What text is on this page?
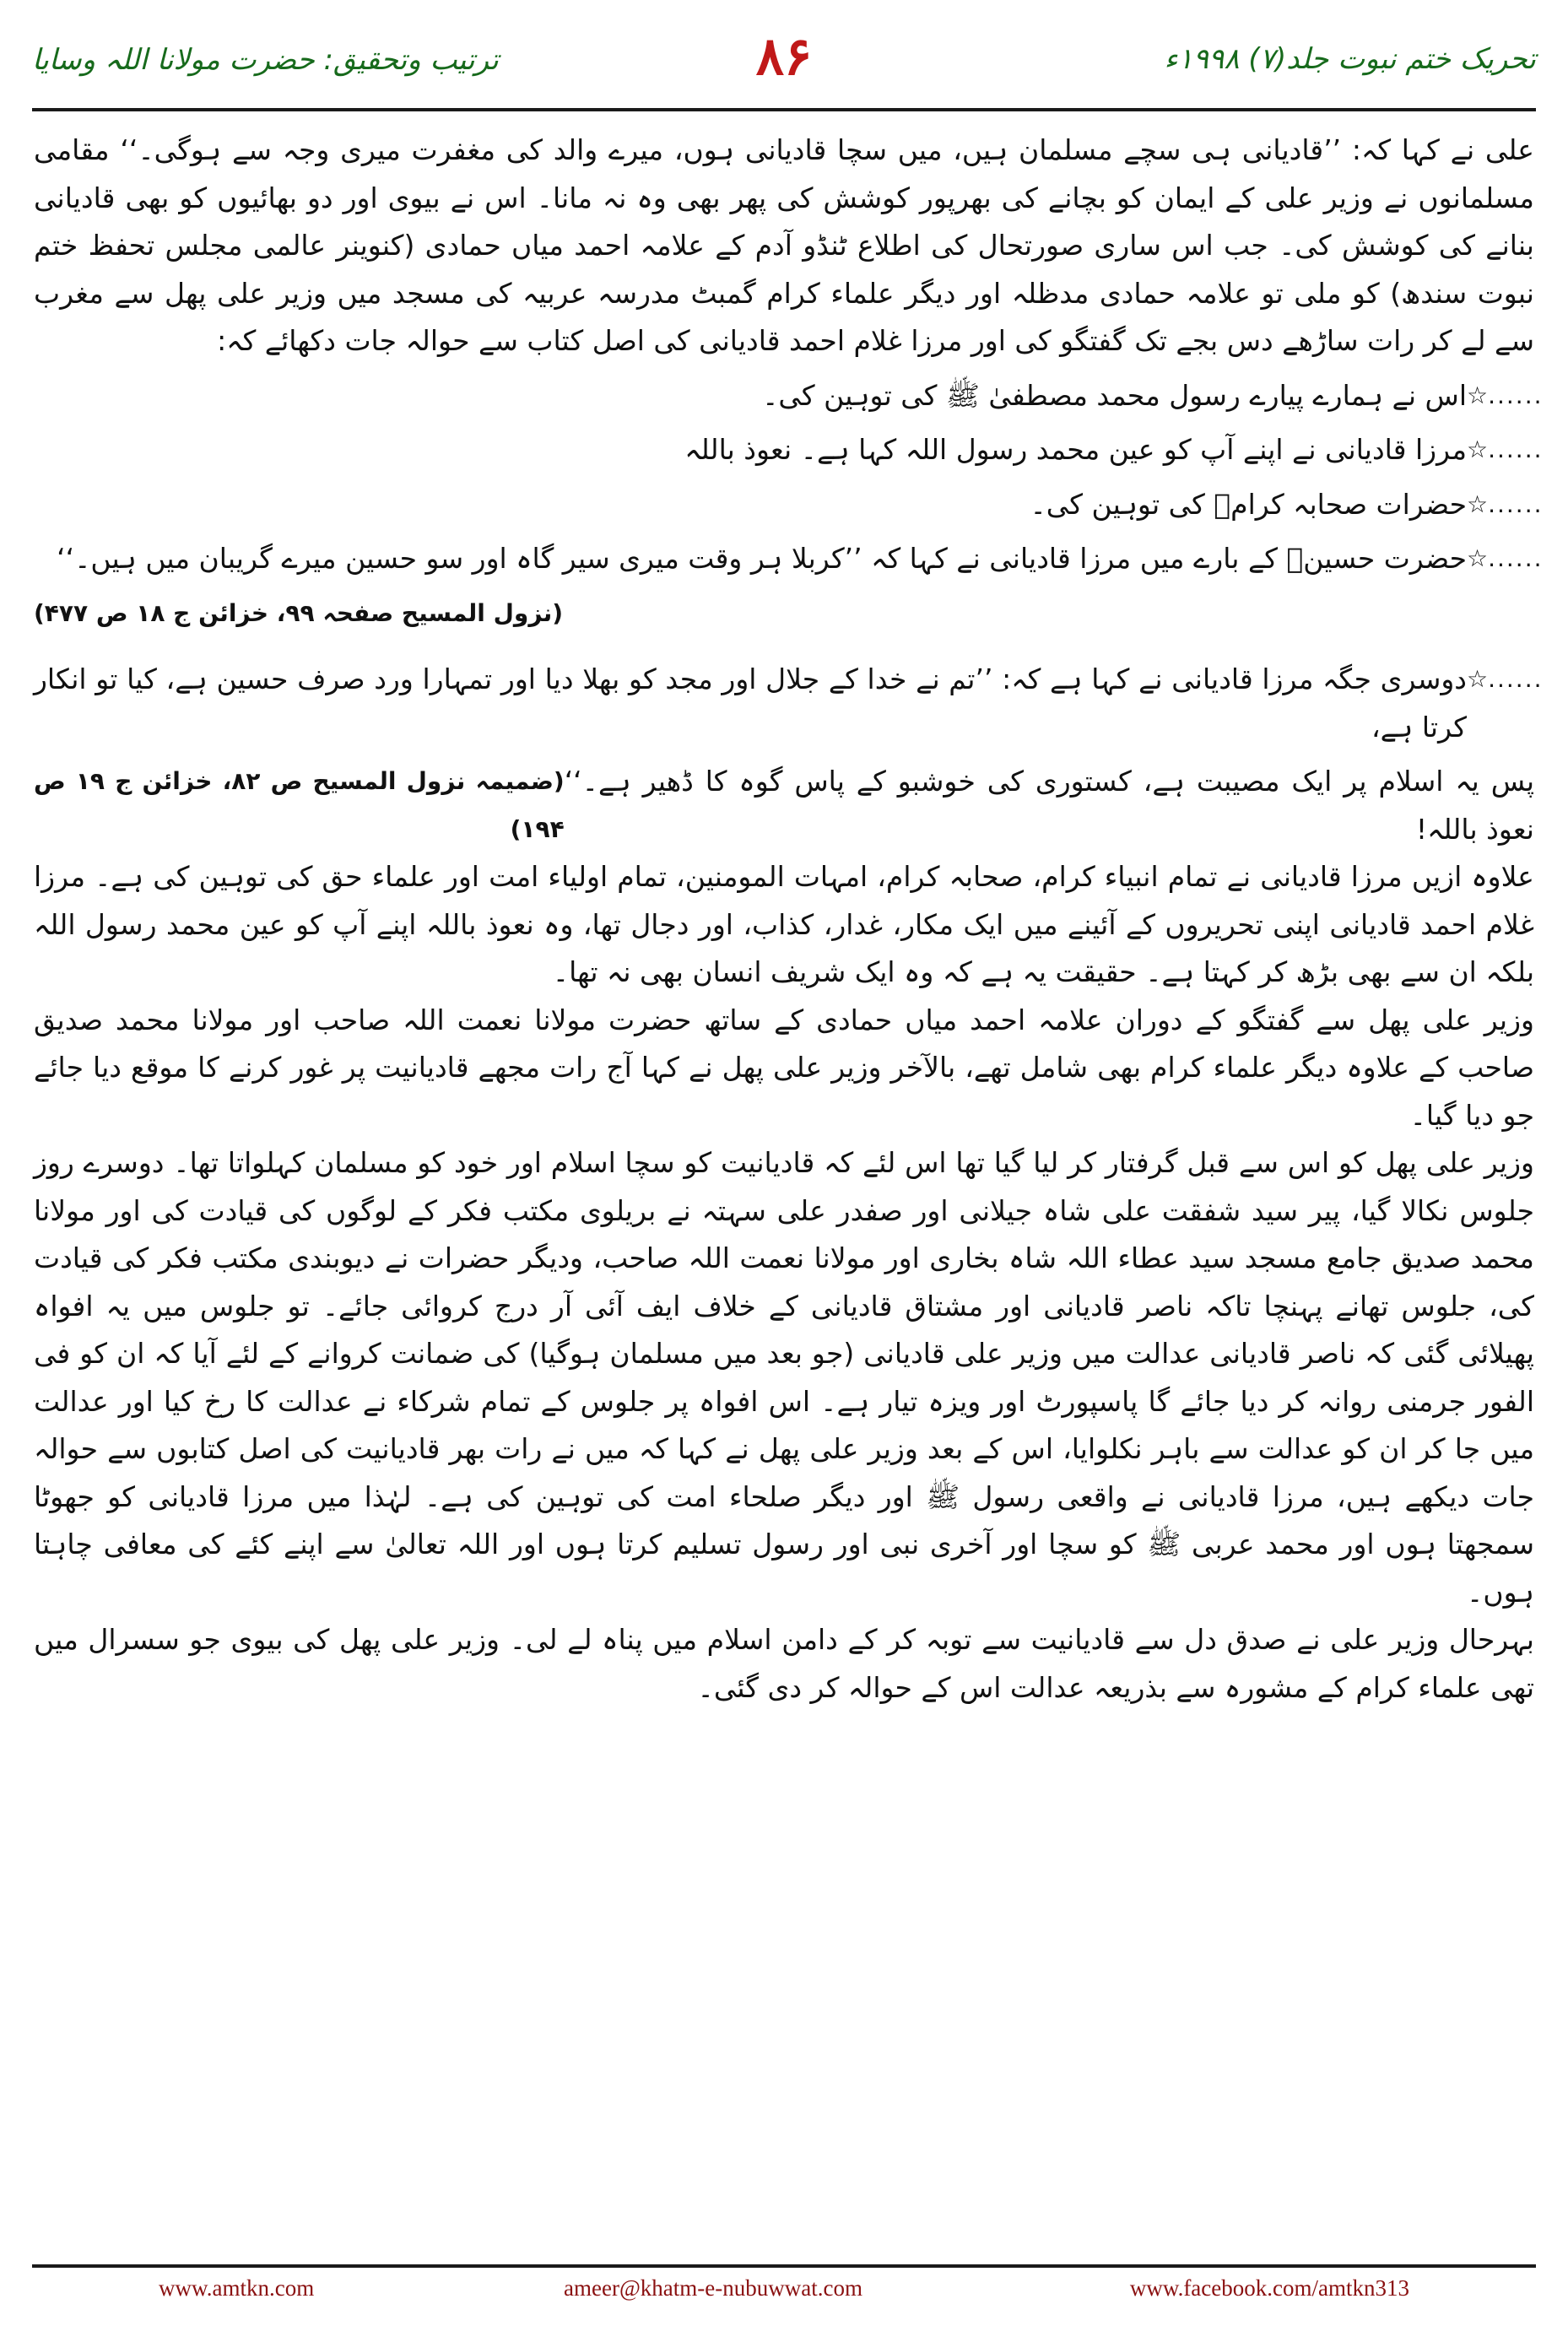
تحریک ختم نبوت جلد(۷) ۱۹۹۸ء
۸۶
ترتیب وتحقیق: حضرت مولانا اللہ وسایا

علی نے کہا کہ: ’’قادیانی ہی سچے مسلمان ہیں، میں سچا قادیانی ہوں، میرے والد کی مغفرت میری وجہ سے ہوگی۔‘‘ مقامی مسلمانوں نے وزیر علی کے ایمان کو بچانے کی بھرپور کوشش کی پھر بھی وہ نہ مانا۔ اس نے بیوی اور دو بھائیوں کو بھی قادیانی بنانے کی کوشش کی۔ جب اس ساری صورتحال کی اطلاع ٹنڈو آدم کے علامہ احمد میاں حمادی (کنوینر عالمی مجلس تحفظ ختم نبوت سندھ) کو ملی تو علامہ حمادی مدظلہ اور دیگر علماء کرام گمبٹ مدرسہ عربیہ کی مسجد میں وزیر علی پھل سے مغرب سے لے کر رات ساڑھے دس بجے تک گفتگو کی اور مرزا غلام احمد قادیانی کی اصل کتاب سے حوالہ جات دکھائے کہ:

☆......
اس نے ہمارے پیارے رسول محمد مصطفیٰ ﷺ کی توہین کی۔
☆......
مرزا قادیانی نے اپنے آپ کو عین محمد رسول اللہ کہا ہے۔ نعوذ باللہ
☆......
حضرات صحابہ کرامؓ کی توہین کی۔
☆......
حضرت حسینؓ کے بارے میں مرزا قادیانی نے کہا کہ ’’کربلا ہر وقت میری سیر گاہ اور سو حسین میرے گریبان میں ہیں۔‘‘
(نزول المسیح صفحہ ۹۹، خزائن ج ۱۸ ص ۴۷۷)
☆......
دوسری جگہ مرزا قادیانی نے کہا ہے کہ: ’’تم نے خدا کے جلال اور مجد کو بھلا دیا اور تمہارا ورد صرف حسین ہے، کیا تو انکار کرتا ہے،
پس یہ اسلام پر ایک مصیبت ہے، کستوری کی خوشبو کے پاس گوہ کا ڈھیر ہے۔‘‘ نعوذ باللہ!
(ضمیمہ نزول المسیح ص ۸۲، خزائن ج ۱۹ ص ۱۹۴)

علاوہ ازیں مرزا قادیانی نے تمام انبیاء کرام، صحابہ کرام، امہات المومنین، تمام اولیاء امت اور علماء حق کی توہین کی ہے۔ مرزا غلام احمد قادیانی اپنی تحریروں کے آئینے میں ایک مکار، غدار، کذاب، اور دجال تھا، وہ نعوذ باللہ اپنے آپ کو عین محمد رسول اللہ بلکہ ان سے بھی بڑھ کر کہتا ہے۔ حقیقت یہ ہے کہ وہ ایک شریف انسان بھی نہ تھا۔

وزیر علی پھل سے گفتگو کے دوران علامہ احمد میاں حمادی کے ساتھ حضرت مولانا نعمت اللہ صاحب اور مولانا محمد صدیق صاحب کے علاوہ دیگر علماء کرام بھی شامل تھے، بالآخر وزیر علی پھل نے کہا آج رات مجھے قادیانیت پر غور کرنے کا موقع دیا جائے جو دیا گیا۔

وزیر علی پھل کو اس سے قبل گرفتار کر لیا گیا تھا اس لئے کہ قادیانیت کو سچا اسلام اور خود کو مسلمان کہلواتا تھا۔ دوسرے روز جلوس نکالا گیا، پیر سید شفقت علی شاہ جیلانی اور صفدر علی سہتہ نے بریلوی مکتب فکر کے لوگوں کی قیادت کی اور مولانا محمد صدیق جامع مسجد سید عطاء اللہ شاہ بخاری اور مولانا نعمت اللہ صاحب، ودیگر حضرات نے دیوبندی مکتب فکر کی قیادت کی، جلوس تھانے پہنچا تاکہ ناصر قادیانی اور مشتاق قادیانی کے خلاف ایف آئی آر درج کروائی جائے۔ تو جلوس میں یہ افواہ پھیلائی گئی کہ ناصر قادیانی عدالت میں وزیر علی قادیانی (جو بعد میں مسلمان ہوگیا) کی ضمانت کروانے کے لئے آیا کہ ان کو فی الفور جرمنی روانہ کر دیا جائے گا پاسپورٹ اور ویزہ تیار ہے۔ اس افواہ پر جلوس کے تمام شرکاء نے عدالت کا رخ کیا اور عدالت میں جا کر ان کو عدالت سے باہر نکلوایا، اس کے بعد وزیر علی پھل نے کہا کہ میں نے رات بھر قادیانیت کی اصل کتابوں سے حوالہ جات دیکھے ہیں، مرزا قادیانی نے واقعی رسول ﷺ اور دیگر صلحاء امت کی توہین کی ہے۔ لہٰذا میں مرزا قادیانی کو جھوٹا سمجھتا ہوں اور محمد عربی ﷺ کو سچا اور آخری نبی اور رسول تسلیم کرتا ہوں اور اللہ تعالیٰ سے اپنے کئے کی معافی چاہتا ہوں۔

بہرحال وزیر علی نے صدق دل سے قادیانیت سے توبہ کر کے دامن اسلام میں پناہ لے لی۔ وزیر علی پھل کی بیوی جو سسرال میں تھی علماء کرام کے مشورہ سے بذریعہ عدالت اس کے حوالہ کر دی گئی۔

www.amtkn.com	ameer@khatm-e-nubuwwat.com	www.facebook.com/amtkn313
